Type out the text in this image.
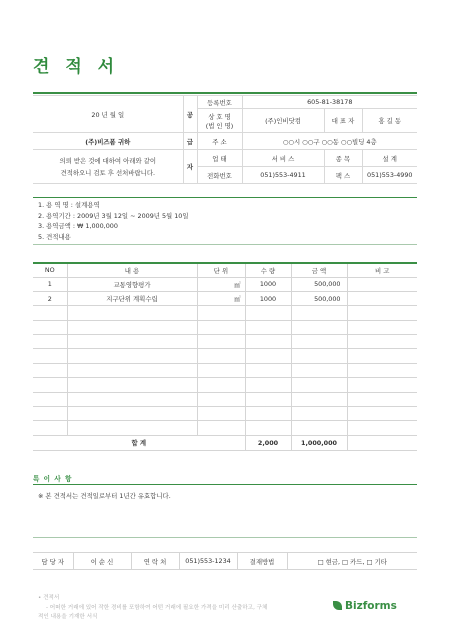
견 적 서
20 년 월 일	공	등록번호	605-81-38178		
		상 호 명
(법 인 명)	(주)인비닷컴	대 표 자	홍 길 동
(주)비즈폼 귀하	급	주 소	○○시 ○○구 ○○동 ○○빌딩 4층		
의뢰 받은 것에 대하여 아래와 같이
견적하오니 검토 후 선처바랍니다.	자	업 태	서 비 스	종 목	설 계
		전화번호	051)553-4911	팩 스	051)553-4990
1. 용 역 명 : 설계용역
2. 용역기간 : 2009년 3월 12일 ~ 2009년 5월 10일
3. 용역금액 : ₩ 1,000,000
5. 견적내용
NO	내 용	단 위	수 량	금 액	비 고
1	교통영향평가	㎡	1000	500,000	
2	지구단위 계획수립	㎡	1000	500,000	

합 계			2,000	1,000,000	
특 이 사 항
※ 본 견적서는 견적일로부터 1년간 유효합니다.
담 당 자	이 순 신	연 락 처	051)553-1234	결재방법	□ 현금, □ 카드, □ 기타
• 견적서
- 어떠한 거래에 있어 작한 경비를 포함하여 어떤 거래에 필요한 가격을 미리 산출하고, 구체
적인 내용을 기재한 서식
Bizforms
